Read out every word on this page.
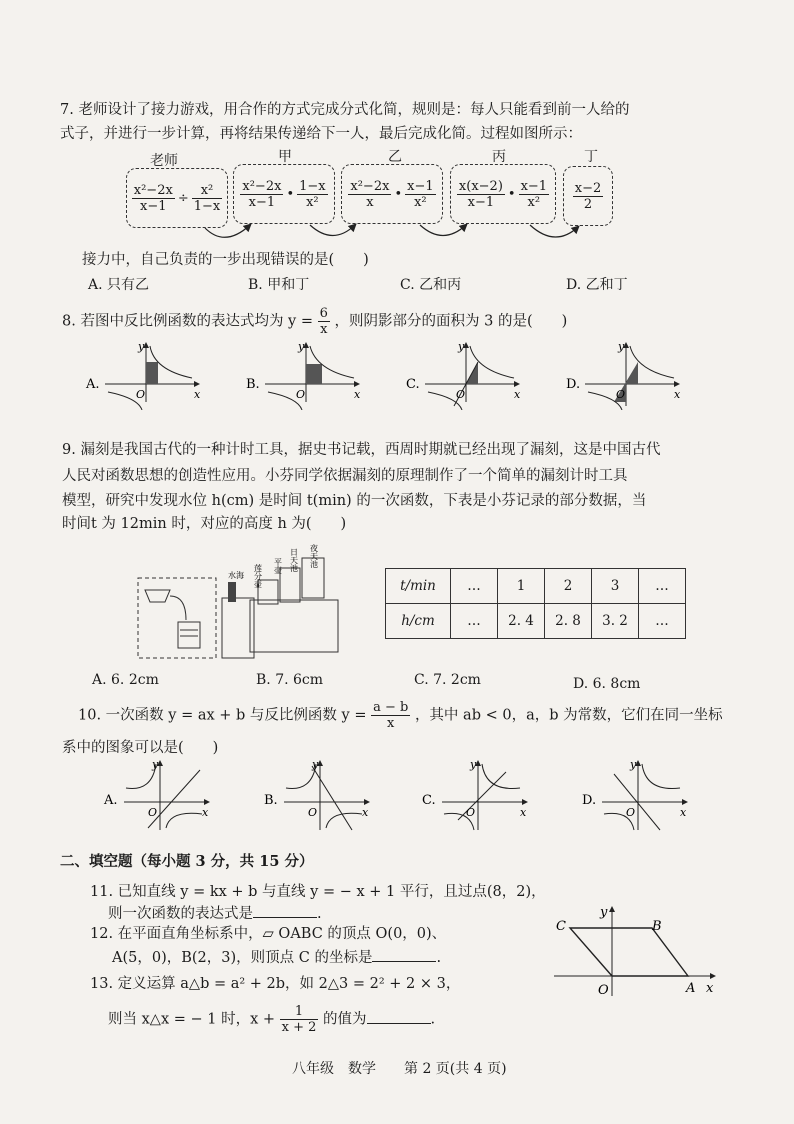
7. 老师设计了接力游戏，用合作的方式完成分式化简，规则是：每人只能看到前一人给的
式子，并进行一步计算，再将结果传递给下一人，最后完成化简。过程如图所示：
老师	甲	乙	丙	丁
$\frac{\text{x²−2x}}{x-1} \div \frac{\text{x²}}{1-x} \frac{\text{x²−2x}}{x-1}$ • $\frac{1-x}{\text{x²}} \frac{\text{x²−2x}}{x}$ • $\frac{x-1}{\text{x²}} \frac{x(x-2)}{x-1}$ • $\frac{x-1}{\text{x²}} \frac{x-2}{2}$
接力中，自己负责的一步出现错误的是(　　)
A. 只有乙	B. 甲和丁	C. 乙和丙	D. 乙和丁
8. 若图中反比例函数的表达式均为 $y = \frac{6}{x}$ ，则阴影部分的面积为 3 的是(　　)
A.
O	x
y
B.
O	x
y
C.
O	x
y
D.
O	x
y
9. 漏刻是我国古代的一种计时工具，据史书记载，西周时期就已经出现了漏刻，这是中国古代
人民对函数思想的创造性应用。小芬同学依据漏刻的原理制作了一个简单的漏刻计时工具
模型，研究中发现水位 h(cm) 是时间 t(min) 的一次函数，下表是小芬记录的部分数据，当
时间t 为 12min 时，对应的高度 h 为(　　)
水海 莲分壶 平壶 日天池 夜天池
t/min	…	1	2	3	…
h/cm	…	2. 4	2. 8	3. 2	…
A. 6. 2cm	B. 7. 6cm	C. 7. 2cm	D. 6. 8cm
10. 一次函数 y = ax + b 与反比例函数 $y = \frac{a - b}{x}$ ，其中 ab < 0，a，b 为常数，它们在同一坐标
系中的图象可以是(　　)
A.
O	x
y
B.
O	x
y
C.
O	x
y
D.
O	x
y
二、填空题（每小题 3 分，共 15 分）
11. 已知直线 y = kx + b 与直线 y = − x + 1 平行，且过点(8，2)，
则一次函数的表达式是	.
12. 在平面直角坐标系中，▱ OABC 的顶点 O(0，0)、
A(5，0)，B(2，3)，则顶点 C 的坐标是	.
13. 定义运算 a△b = a² + 2b，如 2△3 = 2² + 2 × 3，
则当 x△x = − 1 时，$x + \frac{1}{x + 2}$ 的值为	.
C	B
O	A
y
x
八年级　数学　　第 2 页(共 4 页)
